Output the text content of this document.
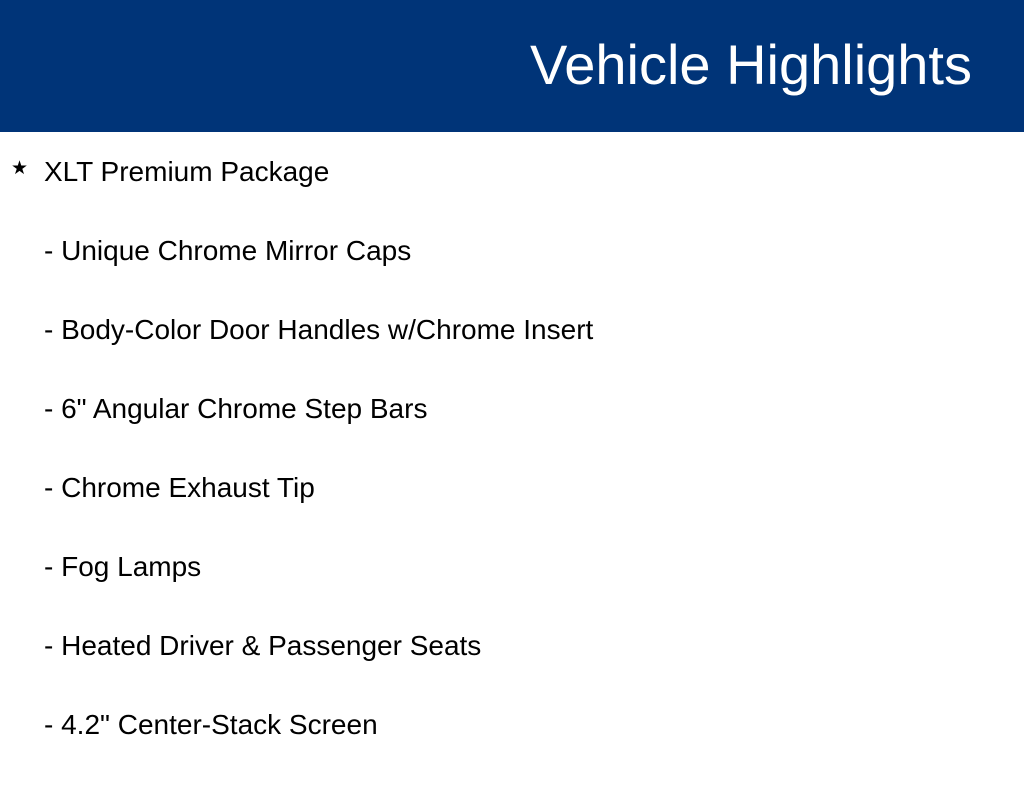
Vehicle Highlights
★ XLT Premium Package
- Unique Chrome Mirror Caps
- Body-Color Door Handles w/Chrome Insert
- 6" Angular Chrome Step Bars
- Chrome Exhaust Tip
- Fog Lamps
- Heated Driver & Passenger Seats
- 4.2" Center-Stack Screen
